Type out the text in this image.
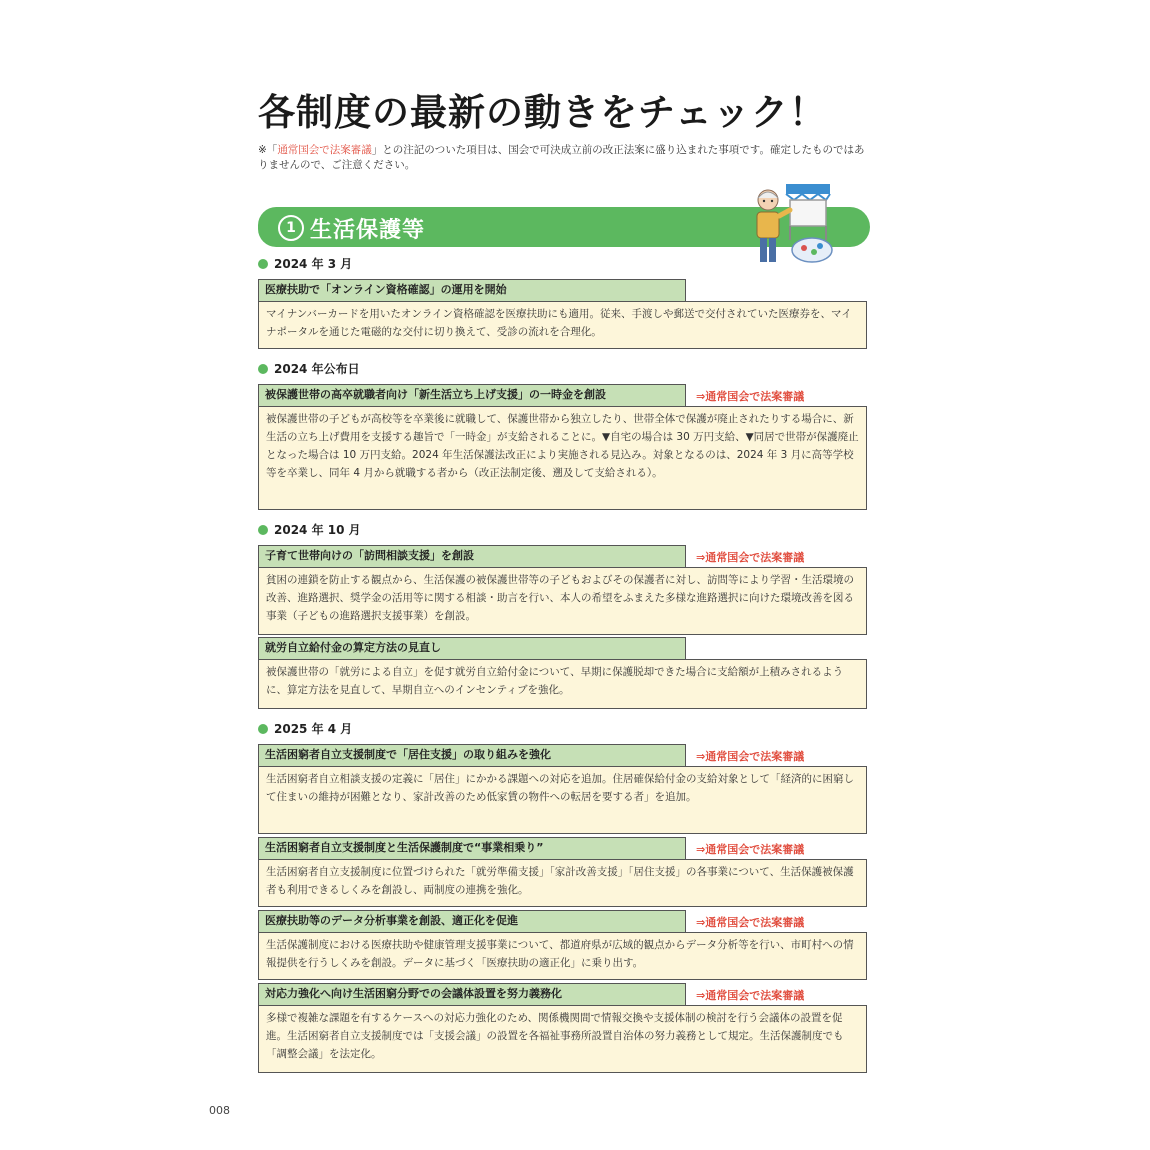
各制度の最新の動きをチェック！
※「通常国会で法案審議」との注記のついた項目は、国会で可決成立前の改正法案に盛り込まれた事項です。確定したものではありませんので、ご注意ください。
1 生活保護等
2024 年 3 月
医療扶助で「オンライン資格確認」の運用を開始
マイナンバーカードを用いたオンライン資格確認を医療扶助にも適用。従来、手渡しや郵送で交付されていた医療券を、マイナポータルを通じた電磁的な交付に切り換えて、受診の流れを合理化。
2024 年公布日
被保護世帯の高卒就職者向け「新生活立ち上げ支援」の一時金を創設	⇒通常国会で法案審議
被保護世帯の子どもが高校等を卒業後に就職して、保護世帯から独立したり、世帯全体で保護が廃止されたりする場合に、新生活の立ち上げ費用を支援する趣旨で「一時金」が支給されることに。▼自宅の場合は 30 万円支給、▼同居で世帯が保護廃止となった場合は 10 万円支給。2024 年生活保護法改正により実施される見込み。対象となるのは、2024 年 3 月に高等学校等を卒業し、同年 4 月から就職する者から（改正法制定後、遡及して支給される）。
2024 年 10 月
子育て世帯向けの「訪問相談支援」を創設	⇒通常国会で法案審議
貧困の連鎖を防止する観点から、生活保護の被保護世帯等の子どもおよびその保護者に対し、訪問等により学習・生活環境の改善、進路選択、奨学金の活用等に関する相談・助言を行い、本人の希望をふまえた多様な進路選択に向けた環境改善を図る事業（子どもの進路選択支援事業）を創設。
就労自立給付金の算定方法の見直し
被保護世帯の「就労による自立」を促す就労自立給付金について、早期に保護脱却できた場合に支給額が上積みされるように、算定方法を見直して、早期自立へのインセンティブを強化。
2025 年 4 月
生活困窮者自立支援制度で「居住支援」の取り組みを強化	⇒通常国会で法案審議
生活困窮者自立相談支援の定義に「居住」にかかる課題への対応を追加。住居確保給付金の支給対象として「経済的に困窮して住まいの維持が困難となり、家計改善のため低家賃の物件への転居を要する者」を追加。
生活困窮者自立支援制度と生活保護制度で“事業相乗り”	⇒通常国会で法案審議
生活困窮者自立支援制度に位置づけられた「就労準備支援」「家計改善支援」「居住支援」の各事業について、生活保護被保護者も利用できるしくみを創設し、両制度の連携を強化。
医療扶助等のデータ分析事業を創設、適正化を促進	⇒通常国会で法案審議
生活保護制度における医療扶助や健康管理支援事業について、都道府県が広域的観点からデータ分析等を行い、市町村への情報提供を行うしくみを創設。データに基づく「医療扶助の適正化」に乗り出す。
対応力強化へ向け生活困窮分野での会議体設置を努力義務化	⇒通常国会で法案審議
多様で複雑な課題を有するケースへの対応力強化のため、関係機関間で情報交換や支援体制の検討を行う会議体の設置を促進。生活困窮者自立支援制度では「支援会議」の設置を各福祉事務所設置自治体の努力義務として規定。生活保護制度でも「調整会議」を法定化。
008
